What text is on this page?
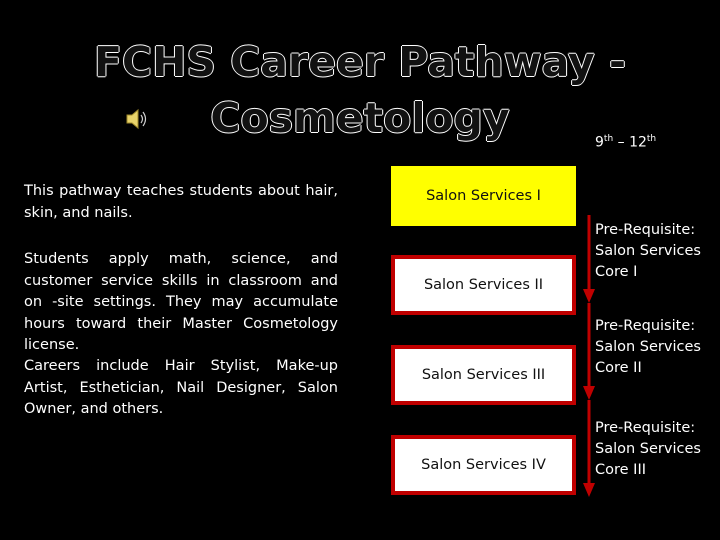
FCHS Career Pathway -
Cosmetology
9th – 12th
This pathway teaches students about hair, skin, and nails.
Students apply math, science, and customer service skills in classroom and on -site settings. They may accumulate hours toward their Master Cosmetology license.
Careers include Hair Stylist, Make-up Artist, Esthetician, Nail Designer, Salon Owner, and others.
Salon Services I
Salon Services II
Salon Services III
Salon Services IV
Pre-Requisite:
Salon Services
Core I
Pre-Requisite:
Salon Services
Core II
Pre-Requisite:
Salon Services
Core III
